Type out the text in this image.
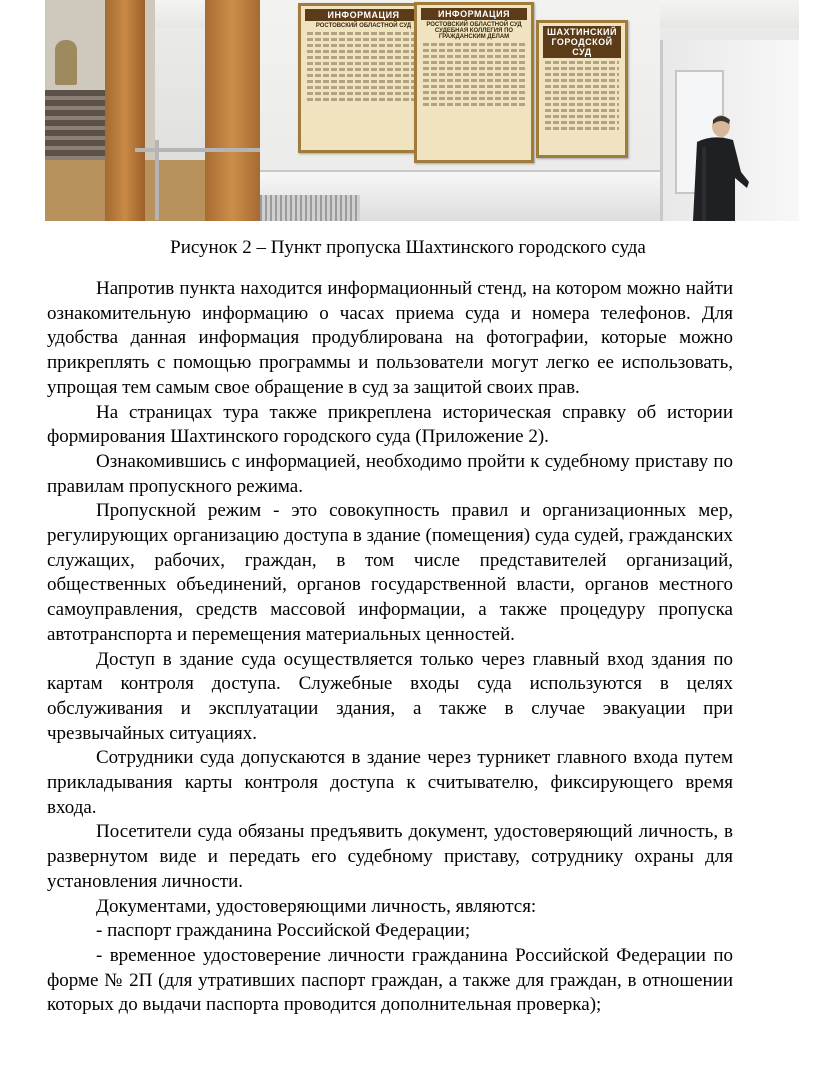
ИНФОРМАЦИЯ
РОСТОВСКИЙ ОБЛАСТНОЙ СУД
ИНФОРМАЦИЯ
РОСТОВСКИЙ ОБЛАСТНОЙ СУД СУДЕБНАЯ КОЛЛЕГИЯ ПО ГРАЖДАНСКИМ ДЕЛАМ	ШАХТИНСКИЙ ГОРОДСКОЙ СУД
Рисунок 2 – Пункт пропуска Шахтинского городского суда

Напротив пункта находится информационный стенд, на котором можно найти ознакомительную информацию о часах приема суда и номера телефонов. Для удобства данная информация продублирована на фотографии, которые можно прикреплять с помощью программы и пользователи могут легко ее использовать, упрощая тем самым свое обращение в суд за защитой своих прав.

На страницах тура также прикреплена историческая справку об истории формирования Шахтинского городского суда (Приложение 2).

Ознакомившись с информацией, необходимо пройти к судебному приставу по правилам пропускного режима.

Пропускной режим - это совокупность правил и организационных мер, регулирующих организацию доступа в здание (помещения) суда судей, гражданских служащих, рабочих, граждан, в том числе представителей организаций, общественных объединений, органов государственной власти, органов местного самоуправления, средств массовой информации, а также процедуру пропуска автотранспорта и перемещения материальных ценностей.

Доступ в здание суда осуществляется только через главный вход здания по картам контроля доступа. Служебные входы суда используются в целях обслуживания и эксплуатации здания, а также в случае эвакуации при чрезвычайных ситуациях.

Сотрудники суда допускаются в здание через турникет главного входа путем прикладывания карты контроля доступа к считывателю, фиксирующего время входа.

Посетители суда обязаны предъявить документ, удостоверяющий личность, в развернутом виде и передать его судебному приставу, сотруднику охраны для установления личности.

Документами, удостоверяющими личность, являются:

- паспорт гражданина Российской Федерации;

- временное удостоверение личности гражданина Российской Федерации по форме № 2П (для утративших паспорт граждан, а также для граждан, в отношении которых до выдачи паспорта проводится дополнительная проверка);
